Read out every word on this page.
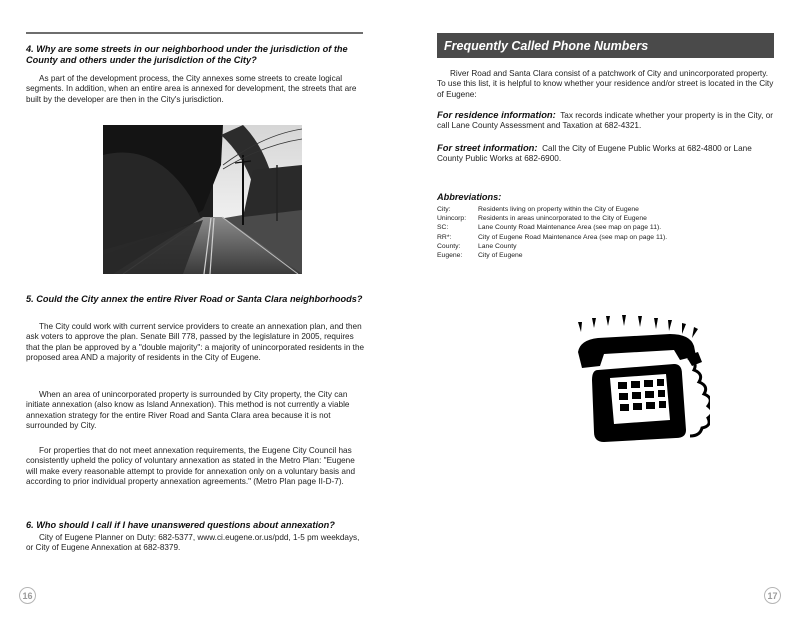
4. Why are some streets in our neighborhood under the jurisdiction of the County and others under the jurisdiction of the City?

As part of the development process, the City annexes some streets to create logical segments. In addition, when an entire area is annexed for development, the streets that are built by the developer are then in the City's jurisdiction.

5. Could the City annex the entire River Road or Santa Clara neighborhoods?

The City could work with current service providers to create an annexation plan, and then ask voters to approve the plan. Senate Bill 778, passed by the legislature in 2005, requires that the plan be approved by a "double majority": a majority of unincorporated residents in the proposed area AND a majority of residents in the City of Eugene.

When an area of unincorporated property is surrounded by City property, the City can initiate annexation (also know as Island Annexation). This method is not currently a viable annexation strategy for the entire River Road and Santa Clara area because it is not surrounded by City.

For properties that do not meet annexation requirements, the Eugene City Council has consistently upheld the policy of voluntary annexation as stated in the Metro Plan: "Eugene will make every reasonable attempt to provide for annexation only on a voluntary basis and according to prior individual property annexation agreements." (Metro Plan page II-D-7).

6. Who should I call if I have unanswered questions about annexation?

City of Eugene Planner on Duty: 682-5377, www.ci.eugene.or.us/pdd, 1-5 pm weekdays, or City of Eugene Annexation at 682-8379.

16
Frequently Called Phone Numbers

River Road and Santa Clara consist of a patchwork of City and unincorporated property. To use this list, it is helpful to know whether your residence and/or street is located in the City of Eugene:

For residence information: Tax records indicate whether your property is in the City, or call Lane County Assessment and Taxation at 682-4321.

For street information: Call the City of Eugene Public Works at 682-4800 or Lane County Public Works at 682-6900.

Abbreviations:
City:	Residents living on property within the City of Eugene
Unincorp:	Residents in areas unincorporated to the City of Eugene
SC:	Lane County Road Maintenance Area (see map on page 11).
RR*:	City of Eugene Road Maintenance Area (see map on page 11).
County:	Lane County
Eugene:	City of Eugene
17
